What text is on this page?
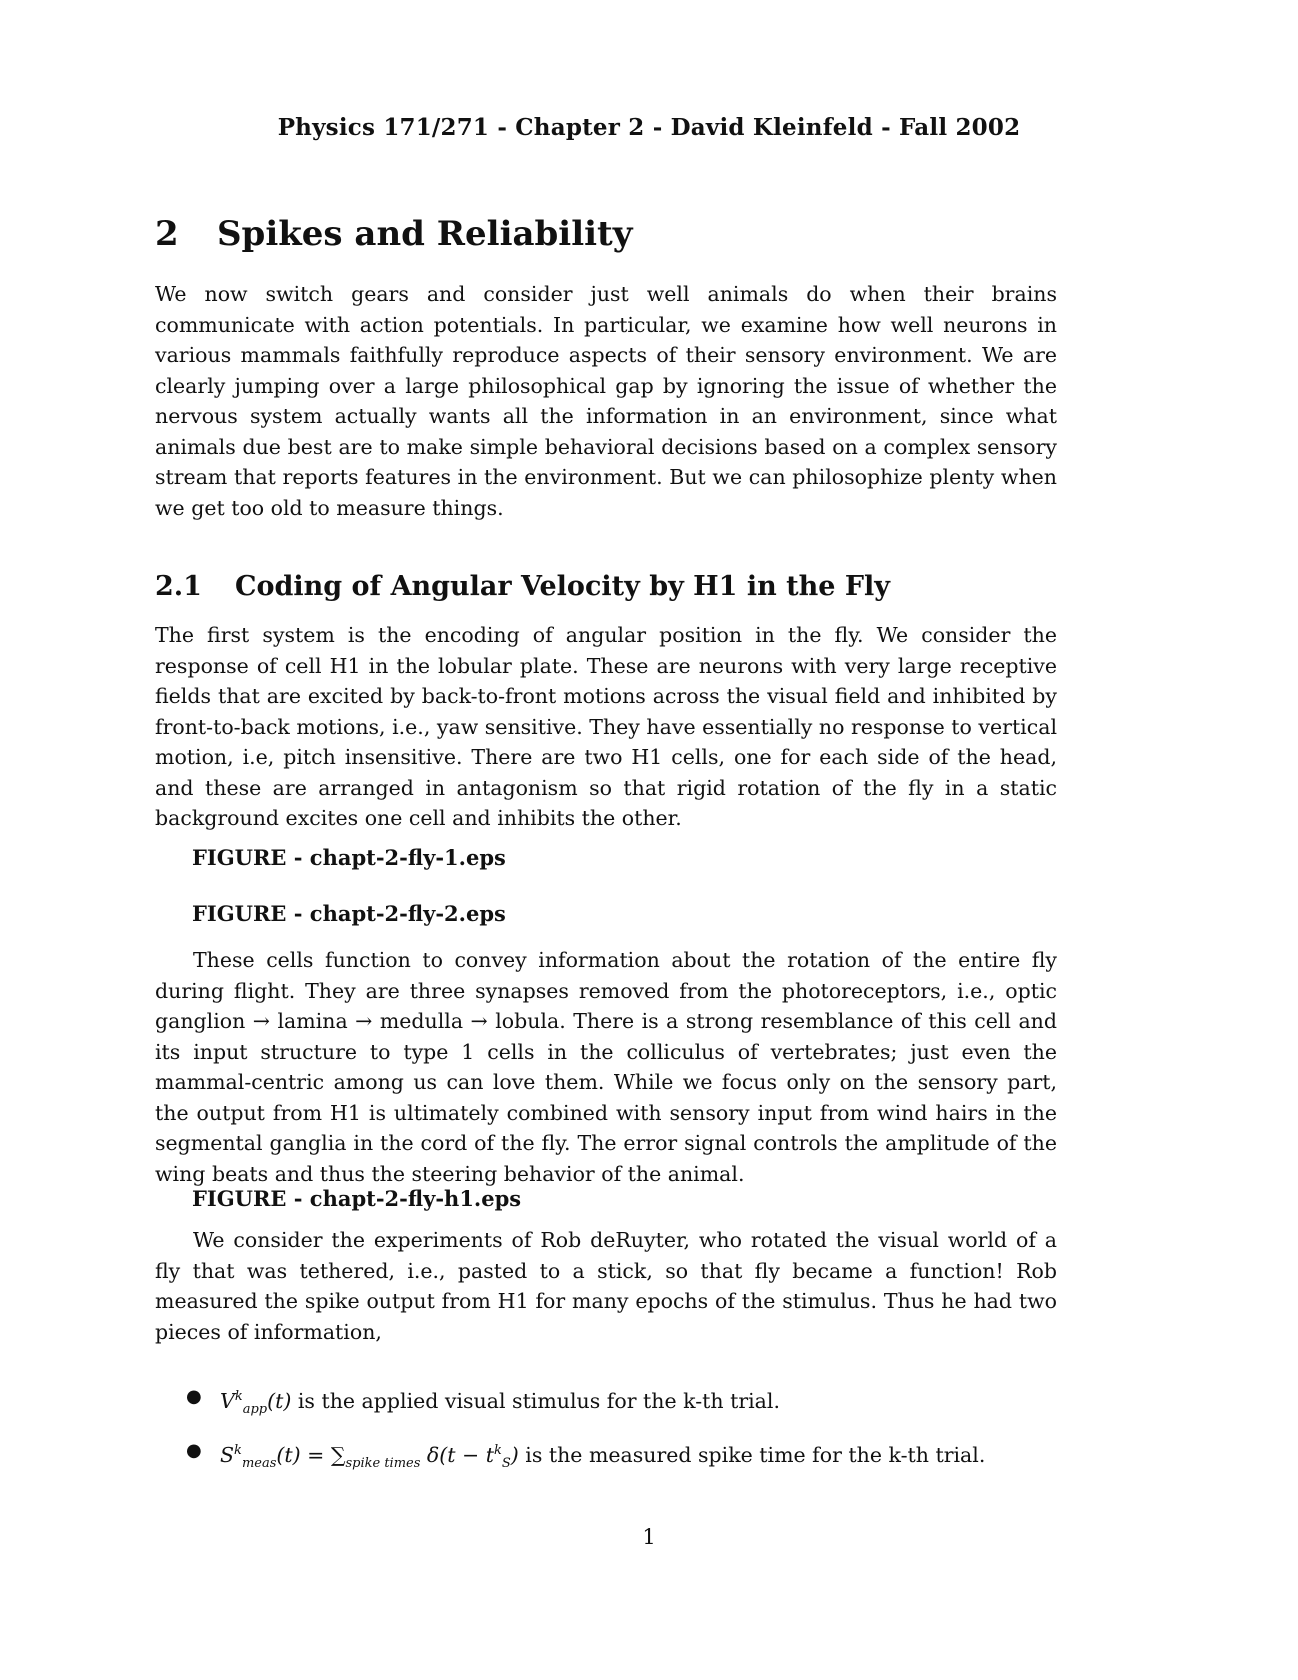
Physics 171/271 - Chapter 2 - David Kleinfeld - Fall 2002
2 Spikes and Reliability

We now switch gears and consider just well animals do when their brains communicate with action potentials. In particular, we examine how well neurons in various mammals faithfully reproduce aspects of their sensory environment. We are clearly jumping over a large philosophical gap by ignoring the issue of whether the nervous system actually wants all the information in an environment, since what animals due best are to make simple behavioral decisions based on a complex sensory stream that reports features in the environment. But we can philosophize plenty when we get too old to measure things.

2.1 Coding of Angular Velocity by H1 in the Fly

The first system is the encoding of angular position in the fly. We consider the response of cell H1 in the lobular plate. These are neurons with very large receptive fields that are excited by back-to-front motions across the visual field and inhibited by front-to-back motions, i.e., yaw sensitive. They have essentially no response to vertical motion, i.e, pitch insensitive. There are two H1 cells, one for each side of the head, and these are arranged in antagonism so that rigid rotation of the fly in a static background excites one cell and inhibits the other.

FIGURE - chapt-2-fly-1.eps
FIGURE - chapt-2-fly-2.eps

These cells function to convey information about the rotation of the entire fly during flight. They are three synapses removed from the photoreceptors, i.e., optic ganglion → lamina → medulla → lobula. There is a strong resemblance of this cell and its input structure to type 1 cells in the colliculus of vertebrates; just even the mammal-centric among us can love them. While we focus only on the sensory part, the output from H1 is ultimately combined with sensory input from wind hairs in the segmental ganglia in the cord of the fly. The error signal controls the amplitude of the wing beats and thus the steering behavior of the animal.

FIGURE - chapt-2-fly-h1.eps

We consider the experiments of Rob deRuyter, who rotated the visual world of a fly that was tethered, i.e., pasted to a stick, so that fly became a function! Rob measured the spike output from H1 for many epochs of the stimulus. Thus he had two pieces of information,

● $V^k_{app}(t)$ is the applied visual stimulus for the k-th trial.
● $S^k_{meas}(t) = \sum_{spike times}$ $\delta(t - t^k_S)$ is the measured spike time for the k-th trial.
1
